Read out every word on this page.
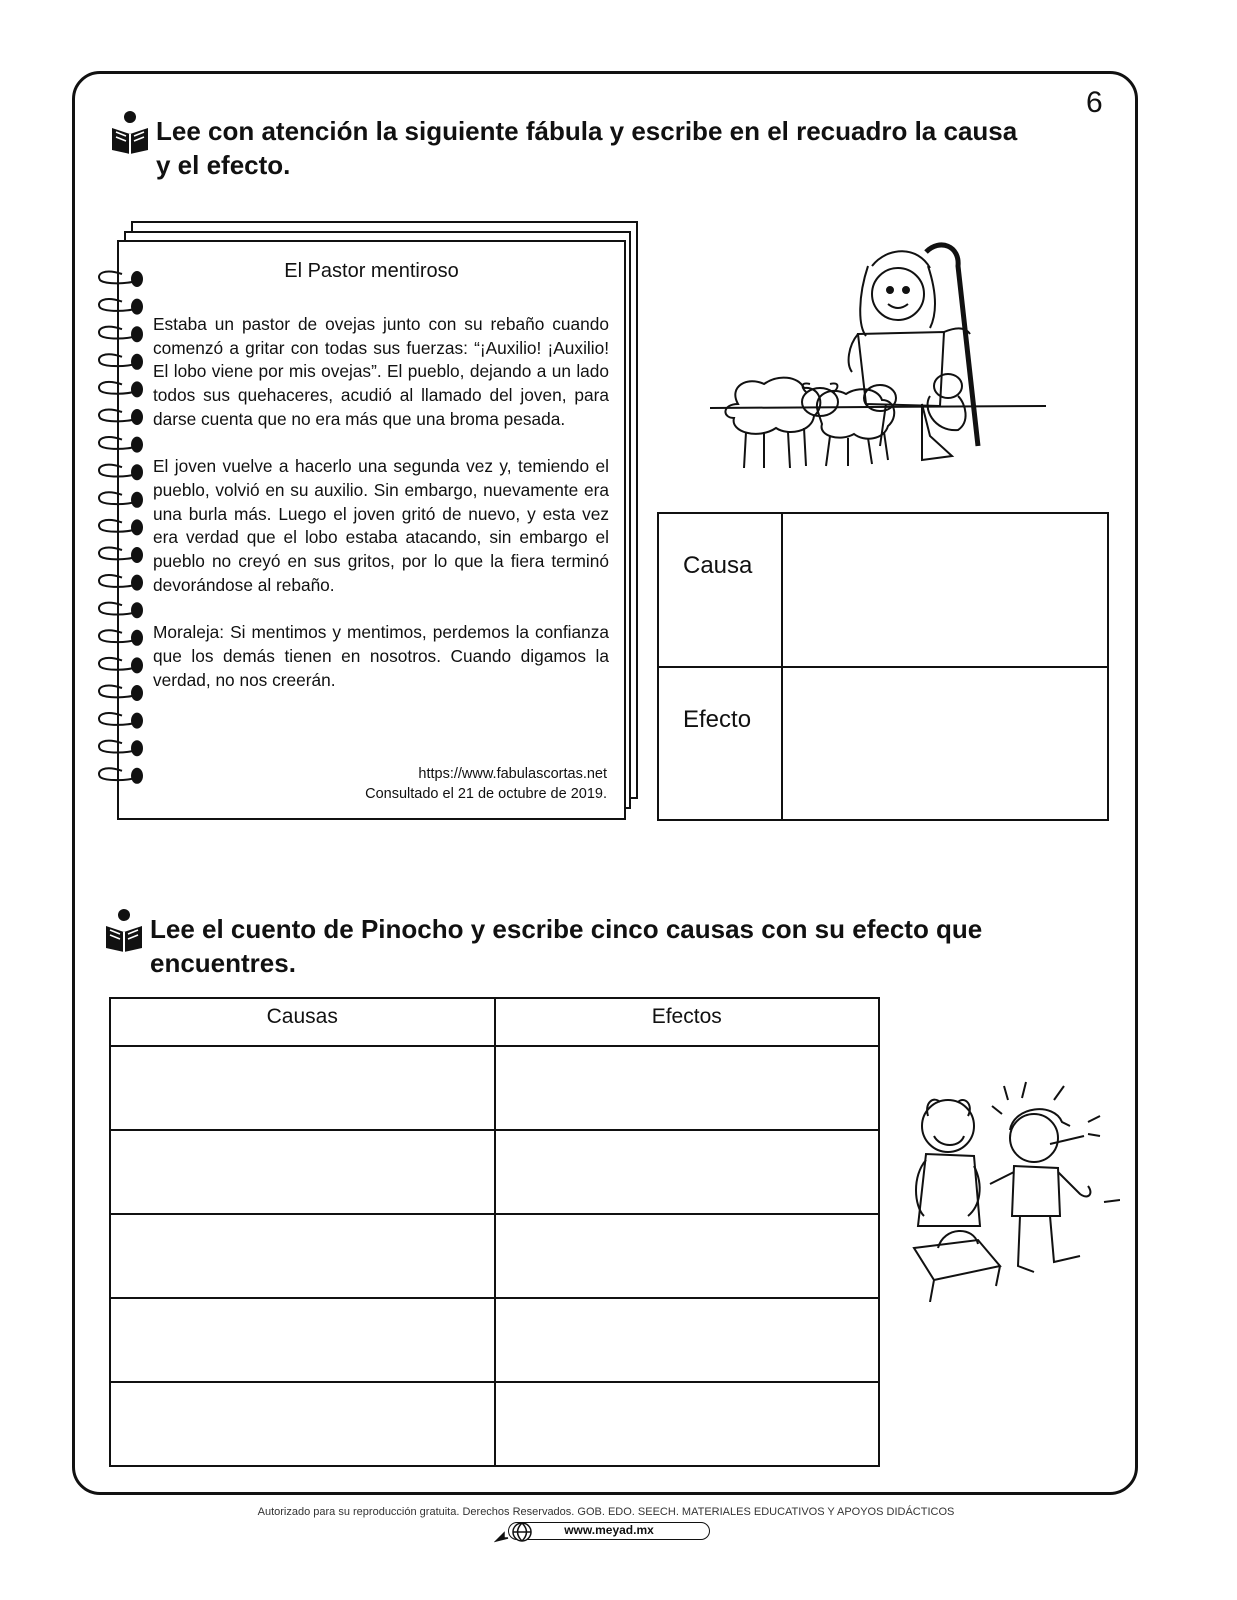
6
Lee con atención la siguiente fábula y escribe en el recuadro la causa y el efecto.
El Pastor mentiroso

Estaba un pastor de ovejas junto con su rebaño cuando comenzó a gritar con todas sus fuerzas: “¡Auxilio! ¡Auxilio! El lobo viene por mis ovejas”. El pueblo, dejando a un lado todos sus quehaceres, acudió al llamado del joven, para darse cuenta que no era más que una broma pesada.

El joven vuelve a hacerlo una segunda vez y, temiendo el pueblo, volvió en su auxilio. Sin embargo, nuevamente era una burla más. Luego el joven gritó de nuevo, y esta vez era verdad que el lobo estaba atacando, sin embargo el pueblo no creyó en sus gritos, por lo que la fiera terminó devorándose al rebaño.

Moraleja: Si mentimos y mentimos, perdemos la confianza que los demás tienen en nosotros. Cuando digamos la verdad, no nos creerán.

https://www.fabulascortas.net
Consultado el 21 de octubre de 2019.
Causa	
Efecto	
Lee el cuento de Pinocho y escribe cinco causas con su efecto que encuentres.
Causas	Efectos

Autorizado para su reproducción gratuita. Derechos Reservados. GOB. EDO. SEECH. MATERIALES EDUCATIVOS Y APOYOS DIDÁCTICOS
www.meyad.mx
